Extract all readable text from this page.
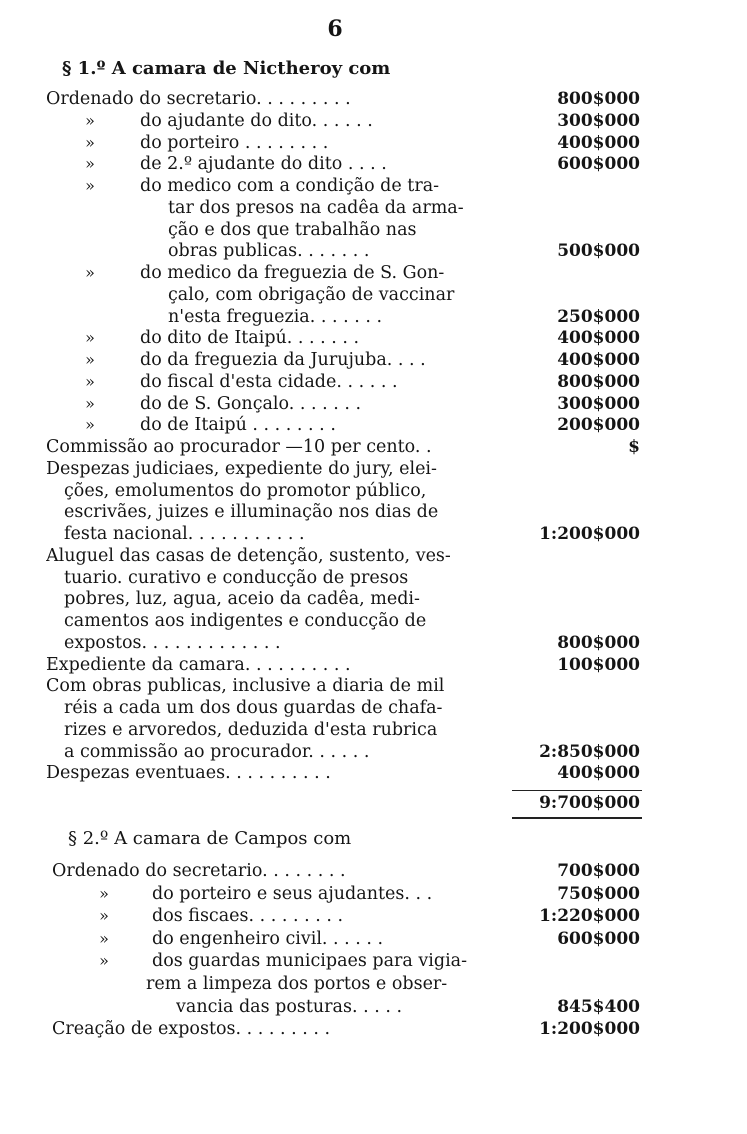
6
§ 1.º A camara de Nictheroy com
Ordenado do secretario. . . . . . . . .	800$000
»	do ajudante do dito. . . . . .	300$000
»	do porteiro . . . . . . . .	400$000
»	de 2.º ajudante do dito . . . .	600$000
»	do medico com a condição de tra-
tar dos presos na cadêa da arma-
ção e dos que trabalhão nas
obras publicas. . . . . . .	500$000
»	do medico da freguezia de S. Gon-
çalo, com obrigação de vaccinar
n'esta freguezia. . . . . . .	250$000
»	do dito de Itaipú. . . . . . .	400$000
»	do da freguezia da Jurujuba. . . .	400$000
»	do fiscal d'esta cidade. . . . . .	800$000
»	do de S. Gonçalo. . . . . . .	300$000
»	do de Itaipú . . . . . . . .	200$000
Commissão ao procurador —10 per cento. .	$
Despezas judiciaes, expediente do jury, elei-
ções, emolumentos do promotor público,
escrivães, juizes e illuminação nos dias de
festa nacional. . . . . . . . . . .	1:200$000
Aluguel das casas de detenção, sustento, ves-
tuario. curativo e conducção de presos
pobres, luz, agua, aceio da cadêa, medi-
camentos aos indigentes e conducção de
expostos. . . . . . . . . . . . .	800$000
Expediente da camara. . . . . . . . . .	100$000
Com obras publicas, inclusive a diaria de mil
réis a cada um dos dous guardas de chafa-
rizes e arvoredos, deduzida d'esta rubrica
a commissão ao procurador. . . . . .	2:850$000
Despezas eventuaes. . . . . . . . . .	400$000
9:700$000
§ 2.º A camara de Campos com
Ordenado do secretario. . . . . . . .	700$000
» do porteiro e seus ajudantes. . .	750$000
» dos fiscaes. . . . . . . . .	1:220$000
» do engenheiro civil. . . . . .	600$000
» dos guardas municipaes para vigia-
rem a limpeza dos portos e obser-
vancia das posturas. . . . .	845$400
Creação de expostos. . . . . . . . .	1:200$000
